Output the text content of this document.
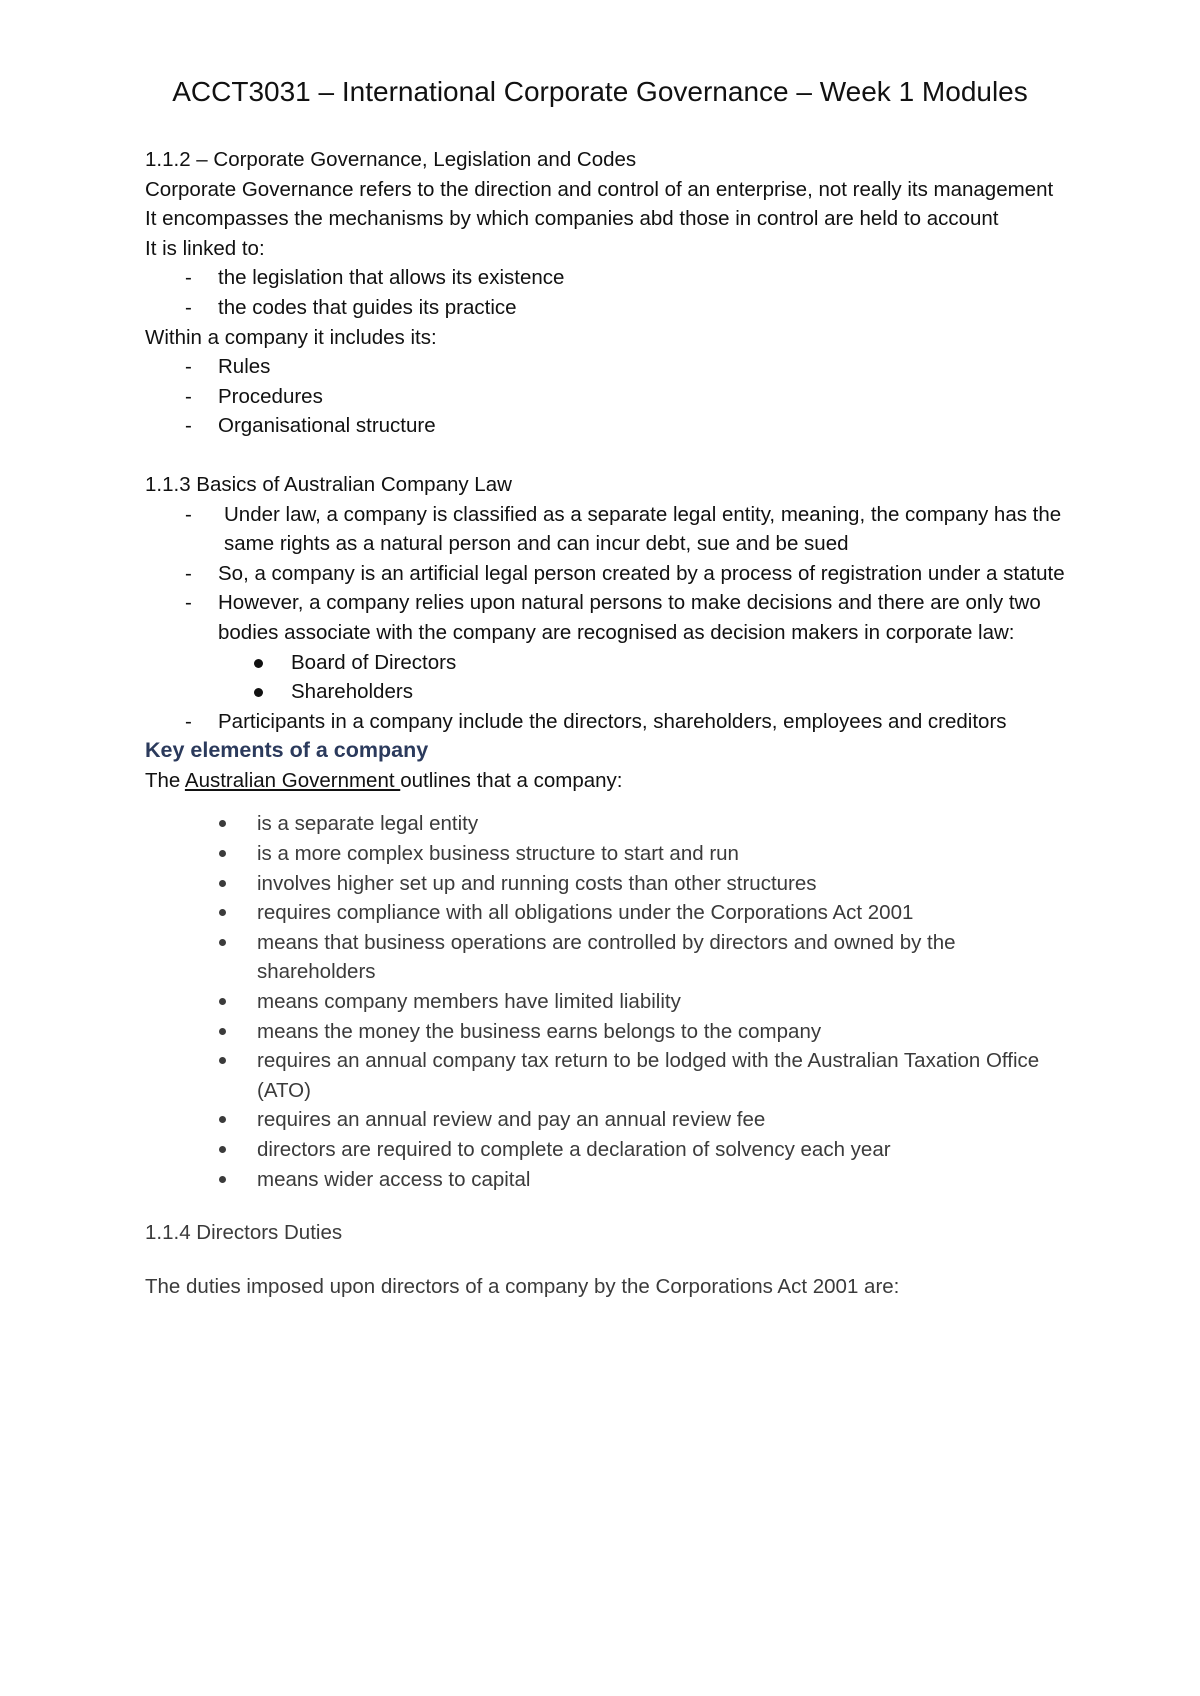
ACCT3031 – International Corporate Governance – Week 1 Modules

1.1.2 – Corporate Governance, Legislation and Codes

Corporate Governance refers to the direction and control of an enterprise, not really its management

It encompasses the mechanisms by which companies abd those in control are held to account

It is linked to:

- the legislation that allows its existence
- the codes that guides its practice

Within a company it includes its:

- Rules
- Procedures
- Organisational structure

1.1.3 Basics of Australian Company Law

- Under law, a company is classified as a separate legal entity, meaning, the company has the same rights as a natural person and can incur debt, sue and be sued
- So, a company is an artificial legal person created by a process of registration under a statute
- However, a company relies upon natural persons to make decisions and there are only two bodies associate with the company are recognised as decision makers in corporate law:
Board of Directors
Shareholders
- Participants in a company include the directors, shareholders, employees and creditors

Key elements of a company

The Australian Government outlines that a company:

is a separate legal entity
is a more complex business structure to start and run
involves higher set up and running costs than other structures
requires compliance with all obligations under the Corporations Act 2001
means that business operations are controlled by directors and owned by the shareholders
means company members have limited liability
means the money the business earns belongs to the company
requires an annual company tax return to be lodged with the Australian Taxation Office (ATO)
requires an annual review and pay an annual review fee
directors are required to complete a declaration of solvency each year
means wider access to capital

1.1.4 Directors Duties

The duties imposed upon directors of a company by the Corporations Act 2001 are:
